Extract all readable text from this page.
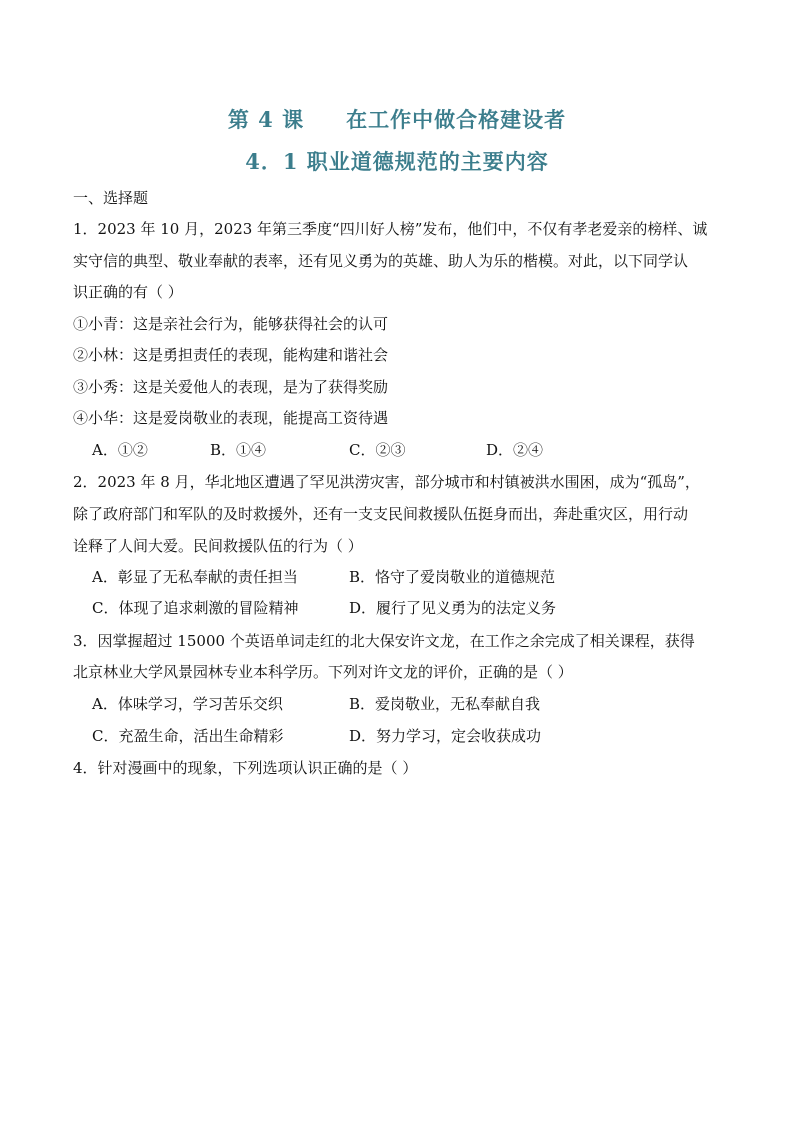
第 4 课 在工作中做合格建设者
4．1 职业道德规范的主要内容
一、选择题
1．2023 年 10 月，2023 年第三季度“四川好人榜”发布，他们中，不仅有孝老爱亲的榜样、诚
实守信的典型、敬业奉献的表率，还有见义勇为的英雄、助人为乐的楷模。对此，以下同学认
识正确的有（ ）
①小青：这是亲社会行为，能够获得社会的认可
②小林：这是勇担责任的表现，能构建和谐社会
③小秀：这是关爱他人的表现，是为了获得奖励
④小华：这是爱岗敬业的表现，能提高工资待遇
A．①②	B．①④	C．②③	D．②④
2．2023 年 8 月，华北地区遭遇了罕见洪涝灾害，部分城市和村镇被洪水围困，成为“孤岛”，
除了政府部门和军队的及时救援外，还有一支支民间救援队伍挺身而出，奔赴重灾区，用行动
诠释了人间大爱。民间救援队伍的行为（ ）
A．彰显了无私奉献的责任担当	B．恪守了爱岗敬业的道德规范
C．体现了追求刺激的冒险精神	D．履行了见义勇为的法定义务
3．因掌握超过 15000 个英语单词走红的北大保安许文龙，在工作之余完成了相关课程，获得
北京林业大学风景园林专业本科学历。下列对许文龙的评价，正确的是（ ）
A．体味学习，学习苦乐交织	B．爱岗敬业，无私奉献自我
C．充盈生命，活出生命精彩	D．努力学习，定会收获成功
4．针对漫画中的现象，下列选项认识正确的是（ ）
